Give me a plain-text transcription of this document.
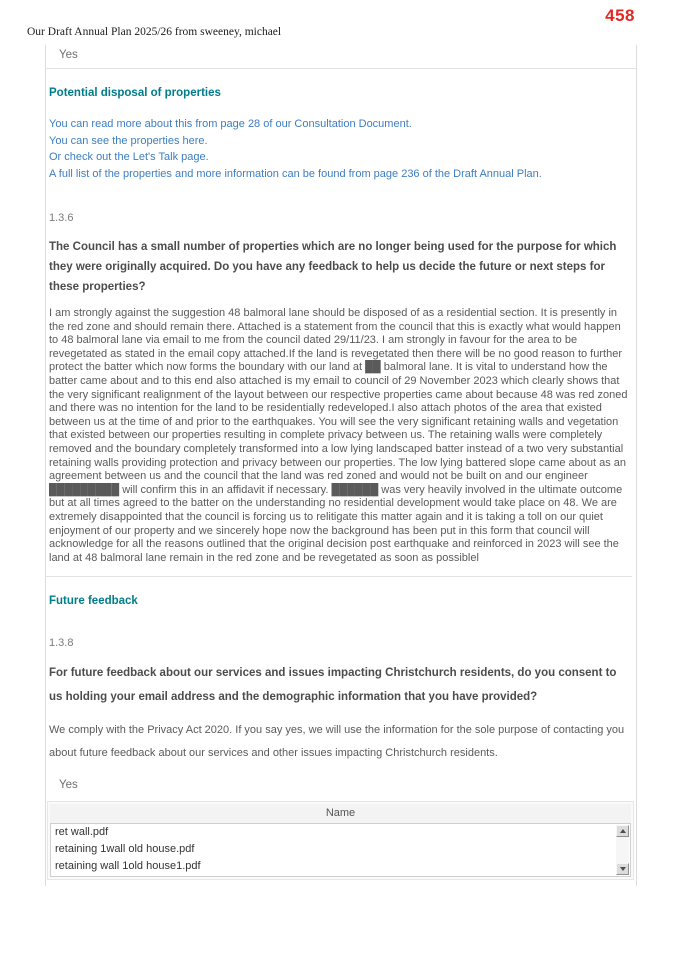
458
Our Draft Annual Plan 2025/26 from sweeney, michael
Yes
Potential disposal of properties
You can read more about this from page 28 of our Consultation Document.
You can see the properties here.
Or check out the Let's Talk page.
A full list of the properties and more information can be found from page 236 of the Draft Annual Plan.
1.3.6
The Council has a small number of properties which are no longer being used for the purpose for which they were originally acquired. Do you have any feedback to help us decide the future or next steps for these properties?
I am strongly against the suggestion 48 balmoral lane should be disposed of as a residential section. It is presently in the red zone and should remain there. Attached is a statement from the council that this is exactly what would happen to 48 balmoral lane via email to me from the council dated 29/11/23. I am strongly in favour for the area to be revegetated as stated in the email copy attached.If the land is revegetated then there will be no good reason to further protect the batter which now forms the boundary with our land at ██ balmoral lane. It is vital to understand how the batter came about and to this end also attached is my email to council of 29 November 2023 which clearly shows that the very significant realignment of the layout between our respective properties came about because 48 was red zoned and there was no intention for the land to be residentially redeveloped.I also attach photos of the area that existed between us at the time of and prior to the earthquakes. You will see the very significant retaining walls and vegetation that existed between our properties resulting in complete privacy between us. The retaining walls were completely removed and the boundary completely transformed into a low lying landscaped batter instead of a two very substantial retaining walls providing protection and privacy between our properties. The low lying battered slope came about as an agreement between us and the council that the land was red zoned and would not be built on and our engineer █████████ will confirm this in an affidavit if necessary. ██████ was very heavily involved in the ultimate outcome but at all times agreed to the batter on the understanding no residential development would take place on 48. We are extremely disappointed that the council is forcing us to relitigate this matter again and it is taking a toll on our quiet enjoyment of our property and we sincerely hope now the background has been put in this form that council will acknowledge for all the reasons outlined that the original decision post earthquake and reinforced in 2023 will see the land at 48 balmoral lane remain in the red zone and be revegetated as soon as possiblel
Future feedback
1.3.8
For future feedback about our services and issues impacting Christchurch residents, do you consent to us holding your email address and the demographic information that you have provided?
We comply with the Privacy Act 2020. If you say yes, we will use the information for the sole purpose of contacting you about future feedback about our services and other issues impacting Christchurch residents.
Yes
Name
ret wall.pdf
retaining 1wall old house.pdf
retaining wall 1old house1.pdf
